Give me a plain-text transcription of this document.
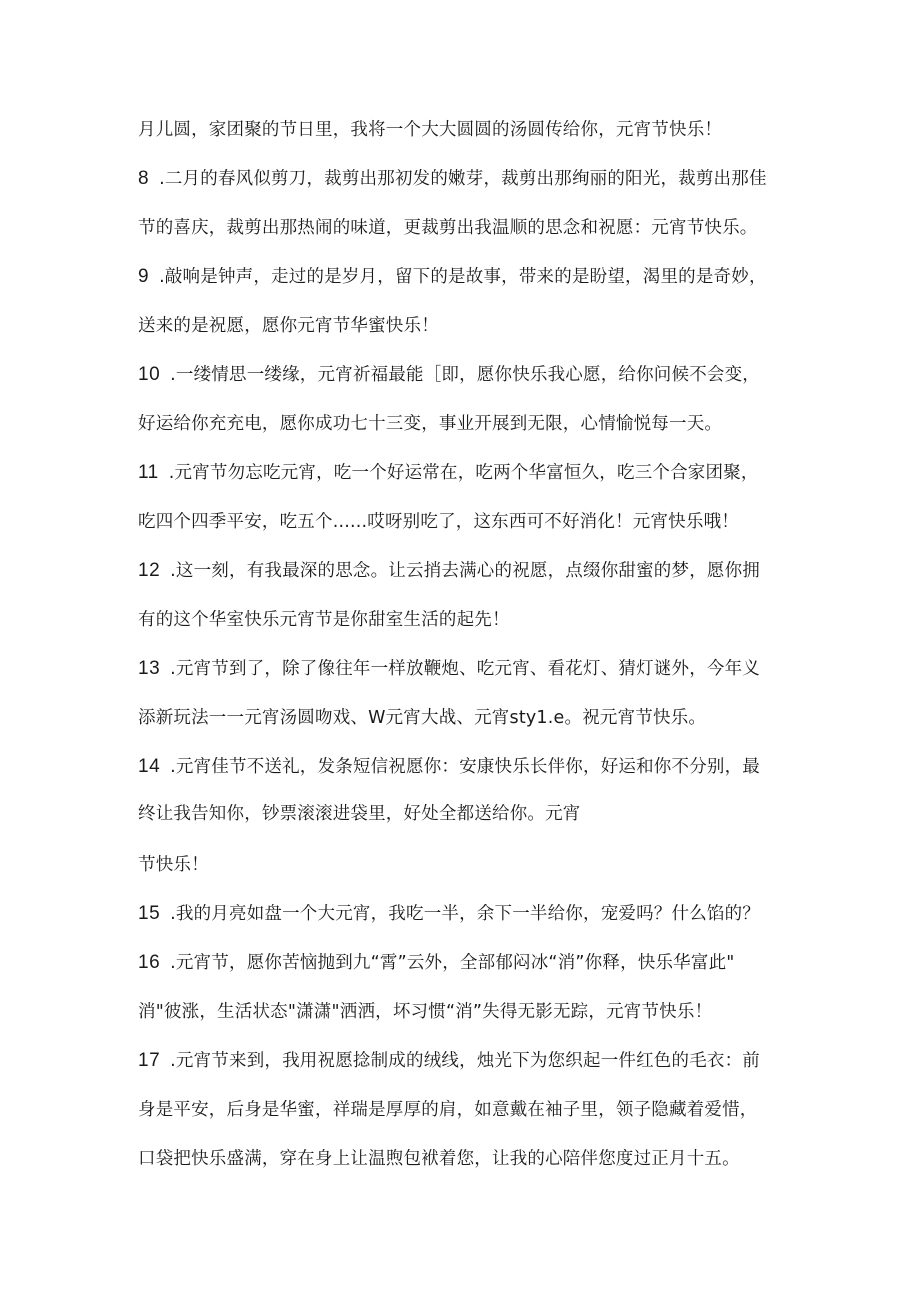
月儿圆，家团聚的节日里，我将一个大大圆圆的汤圆传给你，元宵节快乐！
8 .二月的春风似剪刀，裁剪出那初发的嫩芽，裁剪出那绚丽的阳光，裁剪出那佳
节的喜庆，裁剪出那热闹的味道，更裁剪出我温顺的思念和祝愿：元宵节快乐。
9 .敲响是钟声，走过的是岁月，留下的是故事，带来的是盼望，渴里的是奇妙，
送来的是祝愿，愿你元宵节华蜜快乐！
10 .一缕情思一缕缘，元宵祈福最能［即，愿你快乐我心愿，给你问候不会变，
好运给你充充电，愿你成功七十三变，事业开展到无限，心情愉悦每一天。
11 .元宵节勿忘吃元宵，吃一个好运常在，吃两个华富恒久，吃三个合家团聚，
吃四个四季平安，吃五个......哎呀别吃了，这东西可不好消化！元宵快乐哦！
12 .这一刻，有我最深的思念。让云捎去满心的祝愿，点缀你甜蜜的梦，愿你拥
有的这个华室快乐元宵节是你甜室生活的起先！
13 .元宵节到了，除了像往年一样放鞭炮、吃元宵、看花灯、猜灯谜外，今年义
添新玩法一一元宵汤圆吻戏、W元宵大战、元宵sty1.e。祝元宵节快乐。
14 .元宵佳节不送礼，发条短信祝愿你：安康快乐长伴你，好运和你不分别，最
终让我告知你，钞票滚滚进袋里，好处全都送给你。元宵
节快乐！
15 .我的月亮如盘一个大元宵，我吃一半，余下一半给你，宠爱吗？什么馅的？
16 .元宵节，愿你苦恼抛到九“霄”云外，全部郁闷冰“消”你释，快乐华富此"
消"彼涨，生活状态"潇潇"洒洒，坏习惯“消”失得无影无踪，元宵节快乐！
17 .元宵节来到，我用祝愿捻制成的绒线，烛光下为您织起一件红色的毛衣：前
身是平安，后身是华蜜，祥瑞是厚厚的肩，如意戴在袖子里，领子隐藏着爱惜，
口袋把快乐盛满，穿在身上让温煦包袱着您，让我的心陪伴您度过正月十五。
